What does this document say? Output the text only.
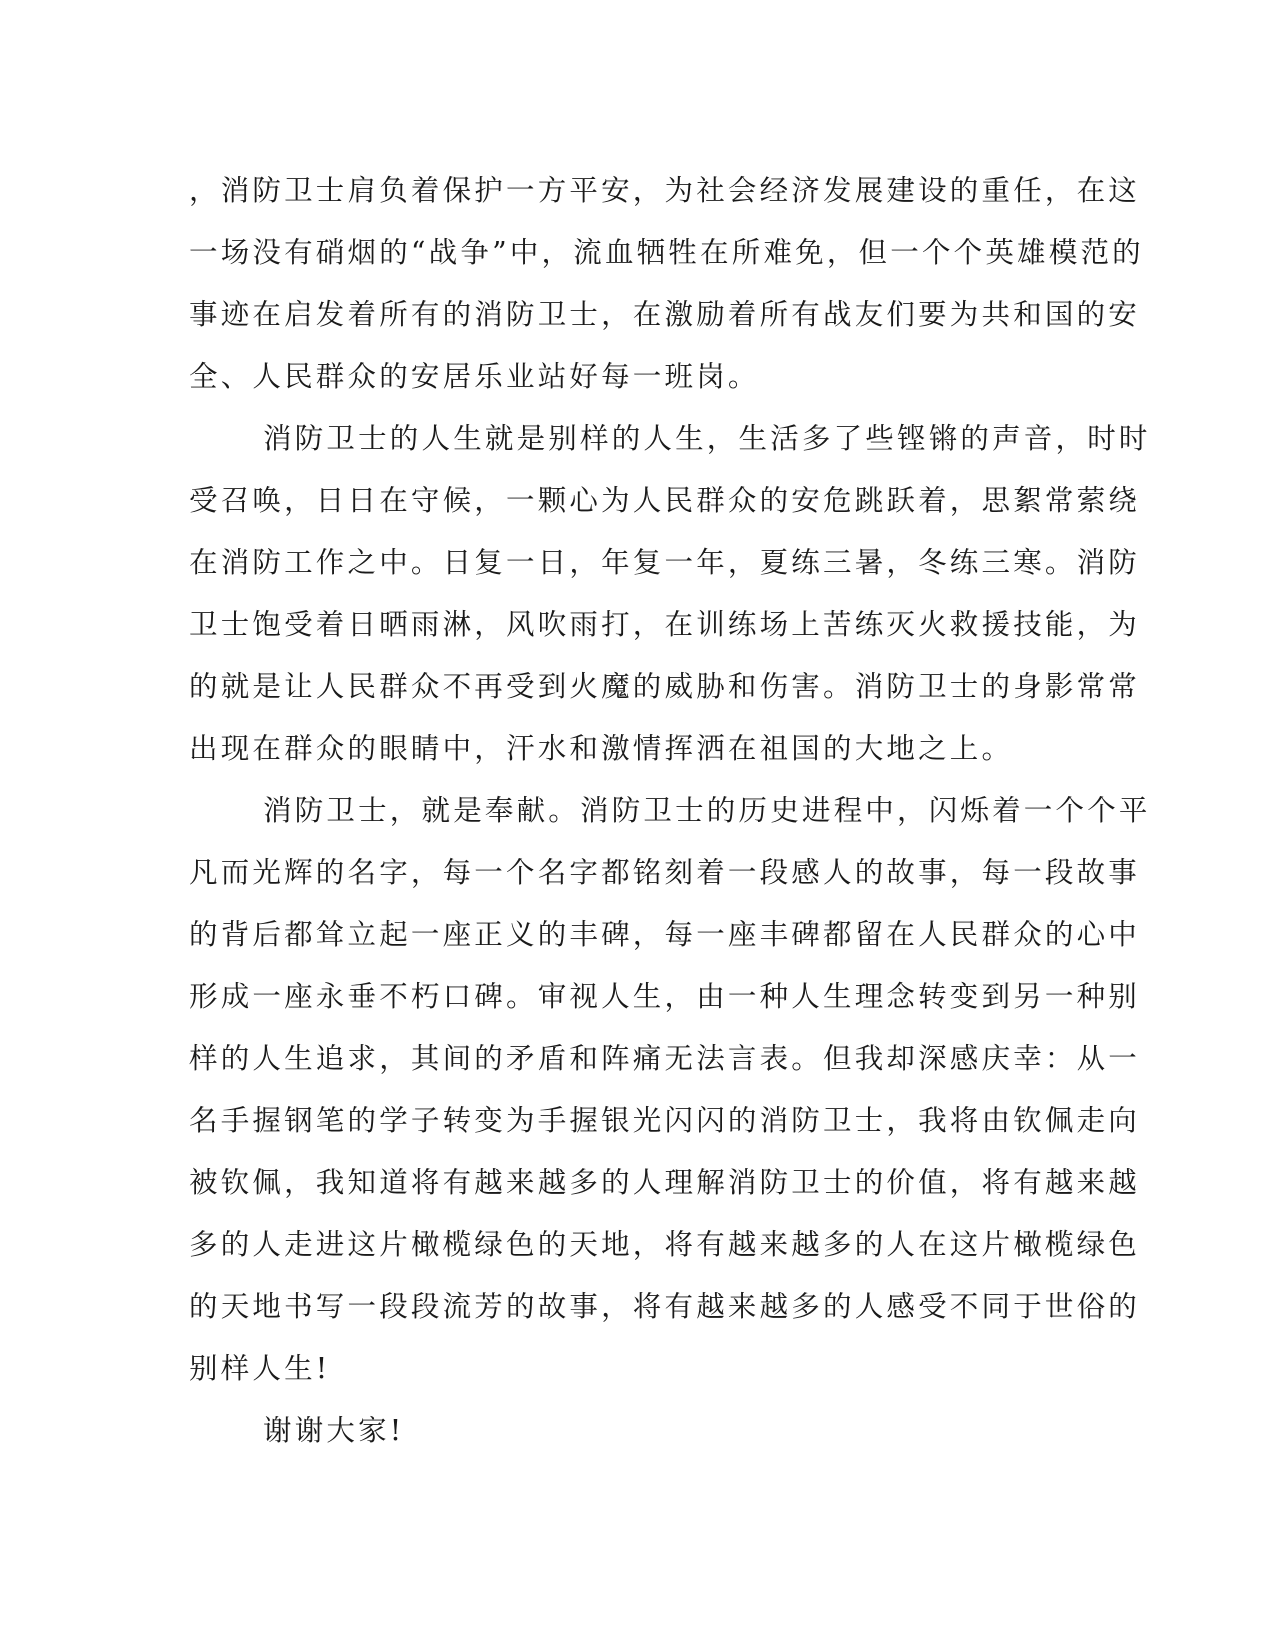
，消防卫士肩负着保护一方平安，为社会经济发展建设的重任，在这
一场没有硝烟的“战争”中，流血牺牲在所难免，但一个个英雄模范的
事迹在启发着所有的消防卫士，在激励着所有战友们要为共和国的安
全、人民群众的安居乐业站好每一班岗。

消防卫士的人生就是别样的人生，生活多了些铿锵的声音，时时
受召唤，日日在守候，一颗心为人民群众的安危跳跃着，思絮常萦绕
在消防工作之中。日复一日，年复一年，夏练三暑，冬练三寒。消防
卫士饱受着日晒雨淋，风吹雨打，在训练场上苦练灭火救援技能，为
的就是让人民群众不再受到火魔的威胁和伤害。消防卫士的身影常常
出现在群众的眼睛中，汗水和激情挥洒在祖国的大地之上。

消防卫士，就是奉献。消防卫士的历史进程中，闪烁着一个个平
凡而光辉的名字，每一个名字都铭刻着一段感人的故事，每一段故事
的背后都耸立起一座正义的丰碑，每一座丰碑都留在人民群众的心中
形成一座永垂不朽口碑。审视人生，由一种人生理念转变到另一种别
样的人生追求，其间的矛盾和阵痛无法言表。但我却深感庆幸：从一
名手握钢笔的学子转变为手握银光闪闪的消防卫士，我将由钦佩走向
被钦佩，我知道将有越来越多的人理解消防卫士的价值，将有越来越
多的人走进这片橄榄绿色的天地，将有越来越多的人在这片橄榄绿色
的天地书写一段段流芳的故事，将有越来越多的人感受不同于世俗的
别样人生!

谢谢大家!
